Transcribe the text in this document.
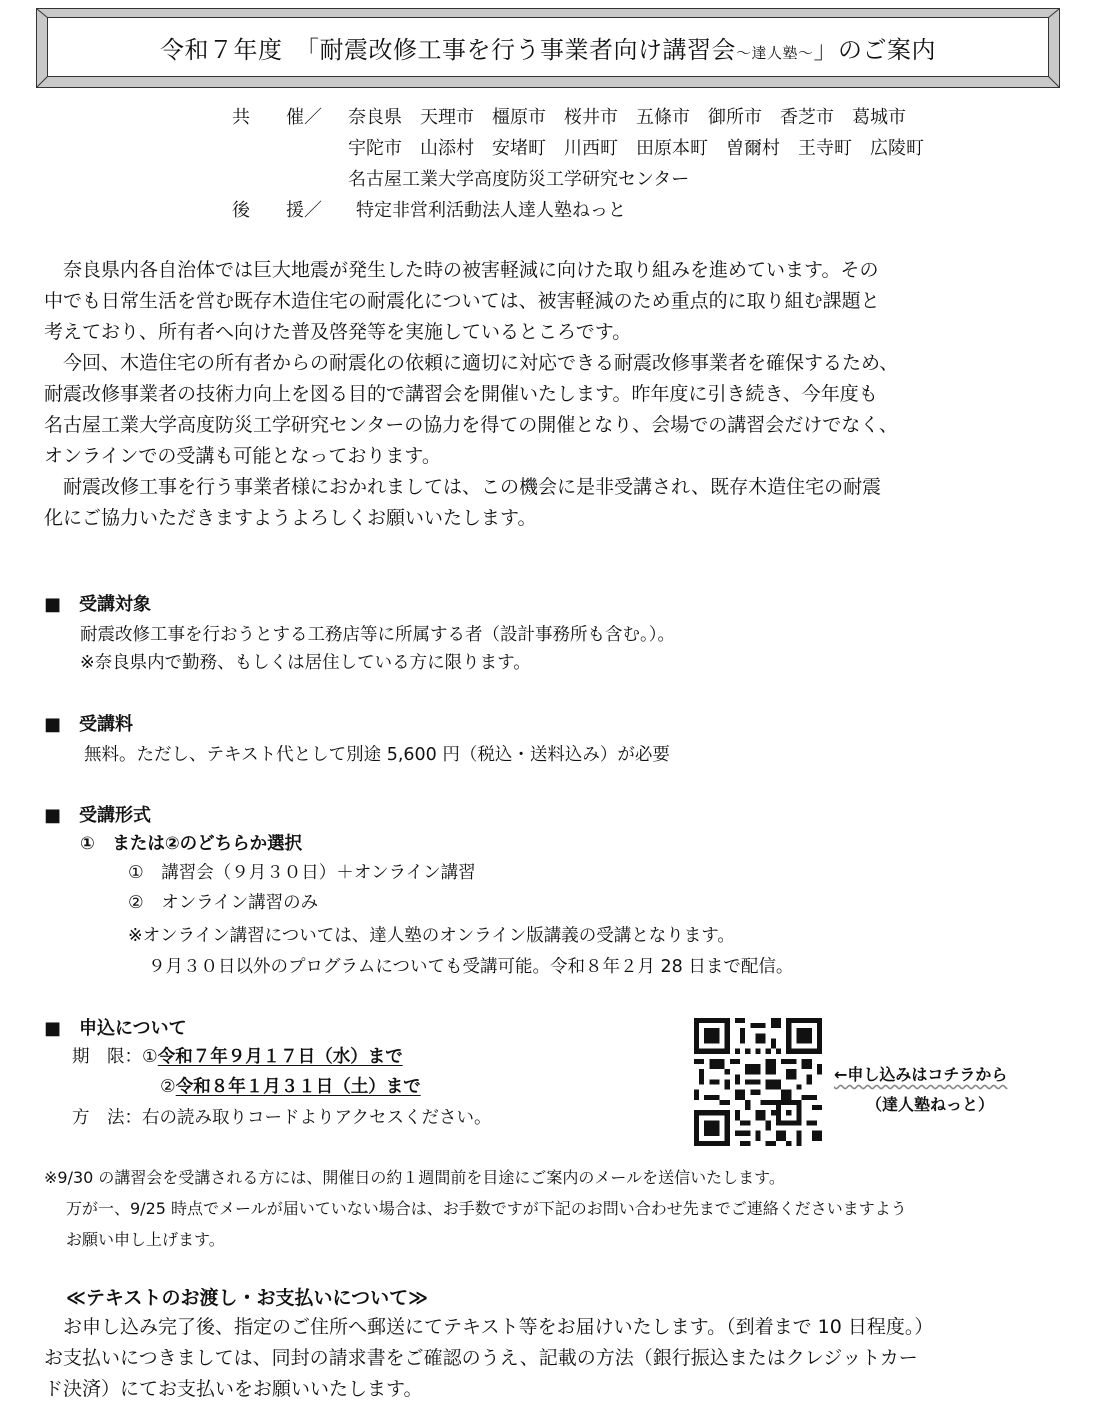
令和７年度　「耐震改修工事を行う事業者向け講習会～達人塾～」のご案内
共　　催／ 奈良県　天理市　橿原市　桜井市　五條市　御所市　香芝市　葛城市
宇陀市　山添村　安堵町　川西町　田原本町　曽爾村　王寺町　広陵町
名古屋工業大学高度防災工学研究センター
後　　援／ 特定非営利活動法人達人塾ねっと
　奈良県内各自治体では巨大地震が発生した時の被害軽減に向けた取り組みを進めています。その
中でも日常生活を営む既存木造住宅の耐震化については、被害軽減のため重点的に取り組む課題と
考えており、所有者へ向けた普及啓発等を実施しているところです。
　今回、木造住宅の所有者からの耐震化の依頼に適切に対応できる耐震改修事業者を確保するため、
耐震改修事業者の技術力向上を図る目的で講習会を開催いたします。昨年度に引き続き、今年度も
名古屋工業大学高度防災工学研究センターの協力を得ての開催となり、会場での講習会だけでなく、
オンラインでの受講も可能となっております。
　耐震改修工事を行う事業者様におかれましては、この機会に是非受講され、既存木造住宅の耐震
化にご協力いただきますようよろしくお願いいたします。
■　受講対象
耐震改修工事を行おうとする工務店等に所属する者（設計事務所も含む。）。
※奈良県内で勤務、もしくは居住している方に限ります。
■　受講料
無料。ただし、テキスト代として別途 5,600 円（税込・送料込み）が必要
■　受講形式
①　または②のどちらか選択
①　講習会（９月３０日）＋オンライン講習
②　オンライン講習のみ
※オンライン講習については、達人塾のオンライン版講義の受講となります。
９月３０日以外のプログラムについても受講可能。令和８年２月 28 日まで配信。
■　申込について
期　限：①令和７年９月１７日（水）まで
②令和８年１月３１日（土）まで
方　法：右の読み取りコードよりアクセスください。
←申し込みはコチラから
（達人塾ねっと）
※9/30 の講習会を受講される方には、開催日の約１週間前を目途にご案内のメールを送信いたします。
万が一、9/25 時点でメールが届いていない場合は、お手数ですが下記のお問い合わせ先までご連絡くださいますよう
お願い申し上げます。
≪テキストのお渡し・お支払いについて≫
　お申し込み完了後、指定のご住所へ郵送にてテキスト等をお届けいたします。（到着まで 10 日程度。）
お支払いにつきましては、同封の請求書をご確認のうえ、記載の方法（銀行振込またはクレジットカー
ド決済）にてお支払いをお願いいたします。
